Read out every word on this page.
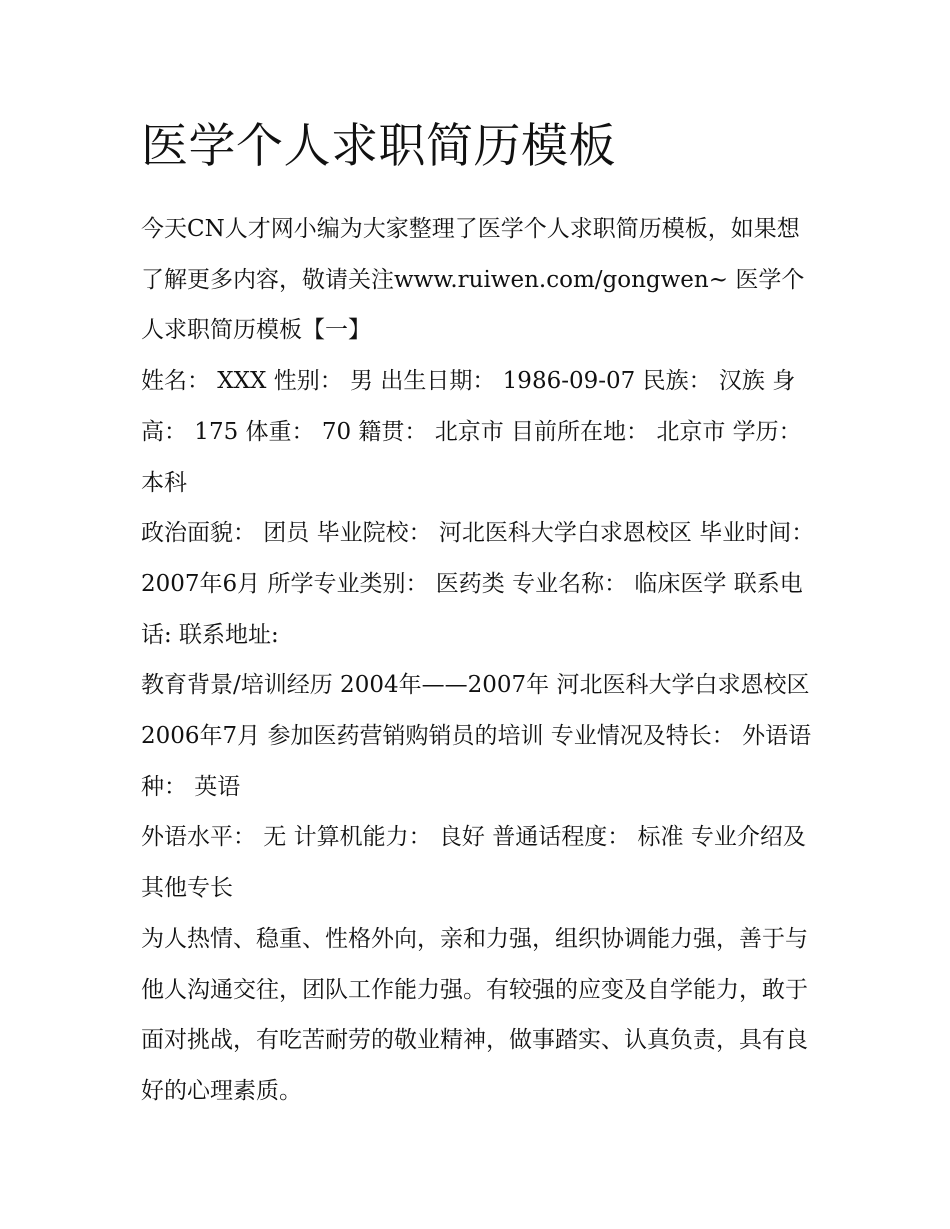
医学个人求职简历模板

今天CN人才网小编为大家整理了医学个人求职简历模板，如果想了解更多内容，敬请关注www.ruiwen.com/gongwen~ 医学个人求职简历模板【一】

姓名： XXX 性别： 男 出生日期： 1986-09-07 民族： 汉族 身高： 175 体重： 70 籍贯： 北京市 目前所在地： 北京市 学历： 本科

政治面貌： 团员 毕业院校： 河北医科大学白求恩校区 毕业时间： 2007年6月 所学专业类别： 医药类 专业名称： 临床医学 联系电话: 联系地址:

教育背景/培训经历 2004年——2007年 河北医科大学白求恩校区 2006年7月 参加医药营销购销员的培训 专业情况及特长： 外语语种： 英语

外语水平： 无 计算机能力： 良好 普通话程度： 标准 专业介绍及其他专长

为人热情、稳重、性格外向，亲和力强，组织协调能力强，善于与他人沟通交往，团队工作能力强。有较强的应变及自学能力，敢于面对挑战，有吃苦耐劳的敬业精神，做事踏实、认真负责，具有良好的心理素质。
